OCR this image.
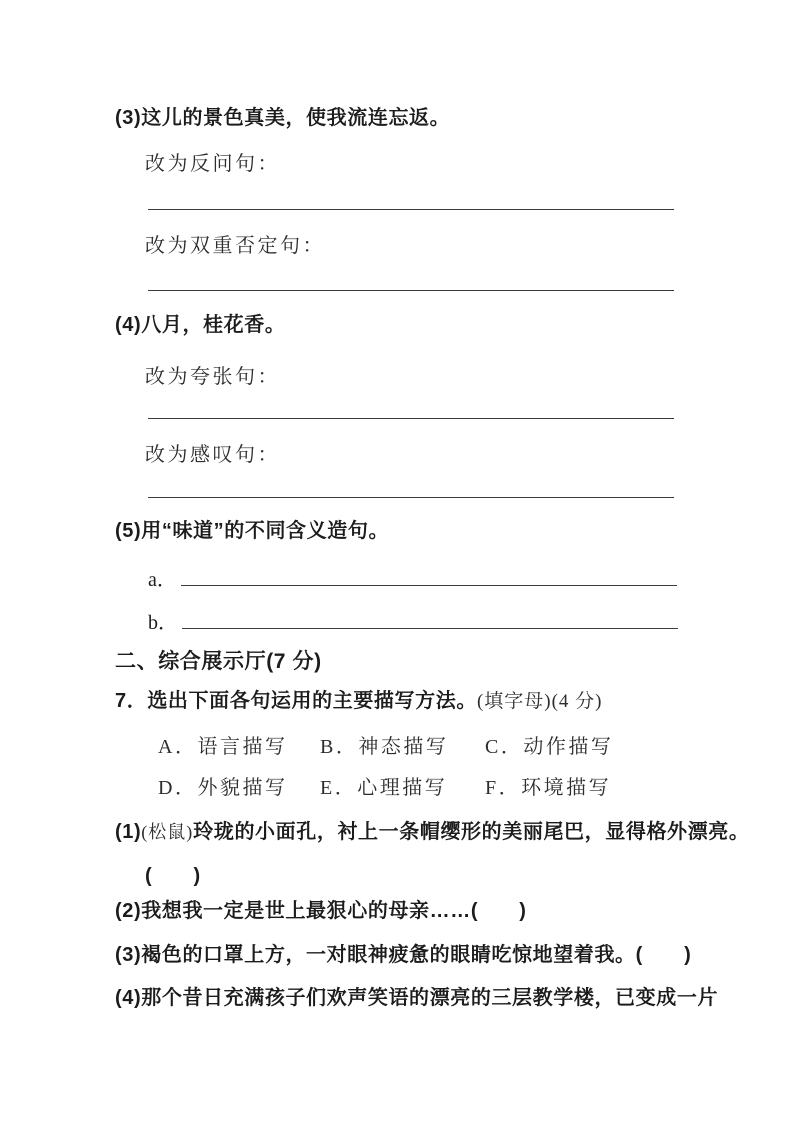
(3)这儿的景色真美，使我流连忘返。
改为反问句：
改为双重否定句：
(4)八月，桂花香。
改为夸张句：
改为感叹句：
(5)用“味道”的不同含义造句。
a．
b．
二、综合展示厅(7 分)
7．选出下面各句运用的主要描写方法。(填字母)(4 分)
A．语言描写 B．神态描写 C．动作描写
D．外貌描写 E．心理描写 F．环境描写
(1)(松鼠)玲珑的小面孔，衬上一条帽缨形的美丽尾巴，显得格外漂亮。
(　　)
(2)我想我一定是世上最狠心的母亲……(　　)
(3)褐色的口罩上方，一对眼神疲惫的眼睛吃惊地望着我。(　　)
(4)那个昔日充满孩子们欢声笑语的漂亮的三层教学楼，已变成一片
